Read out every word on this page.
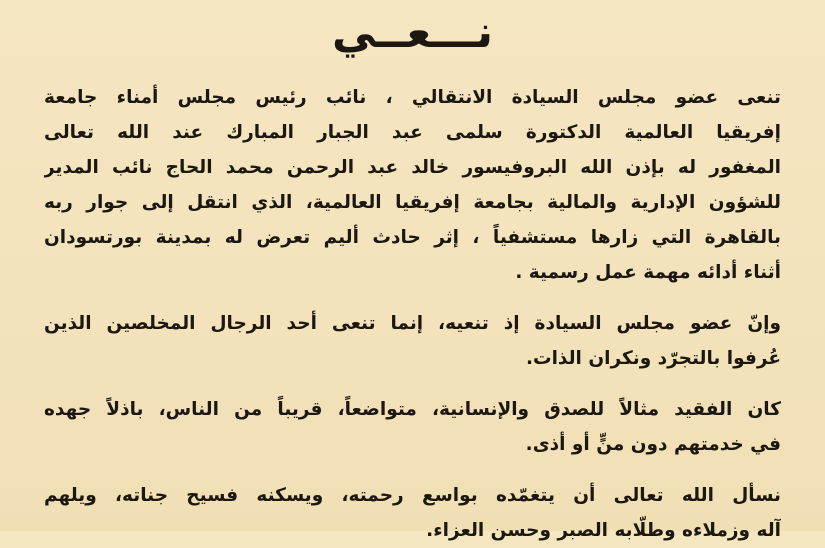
نـــعــي
تنعى عضو مجلس السيادة الانتقالي ، نائب رئيس مجلس أمناء جامعة
إفريقيا العالمية الدكتورة سلمى عبد الجبار المبارك عند الله تعالى
المغفور له بإذن الله البروفيسور خالد عبد الرحمن محمد الحاج نائب المدير
للشؤون الإدارية والمالية بجامعة إفريقيا العالمية، الذي انتقل إلى جوار ربه
بالقاهرة التي زارها مستشفياً ، إثر حادث أليم تعرض له بمدينة بورتسودان
أثناء أدائه مهمة عمل رسمية .
وإنّ عضو مجلس السيادة إذ تنعيه، إنما تنعى أحد الرجال المخلصين الذين
عُرفوا بالتجرّد ونكران الذات.
كان الفقيد مثالاً للصدق والإنسانية، متواضعاً، قريباً من الناس، باذلاً جهده
في خدمتهم دون منٍّ أو أذى.
نسأل الله تعالى أن يتغمّده بواسع رحمته، ويسكنه فسيح جناته، ويلهم
آله وزملاءه وطلّابه الصبر وحسن العزاء.
